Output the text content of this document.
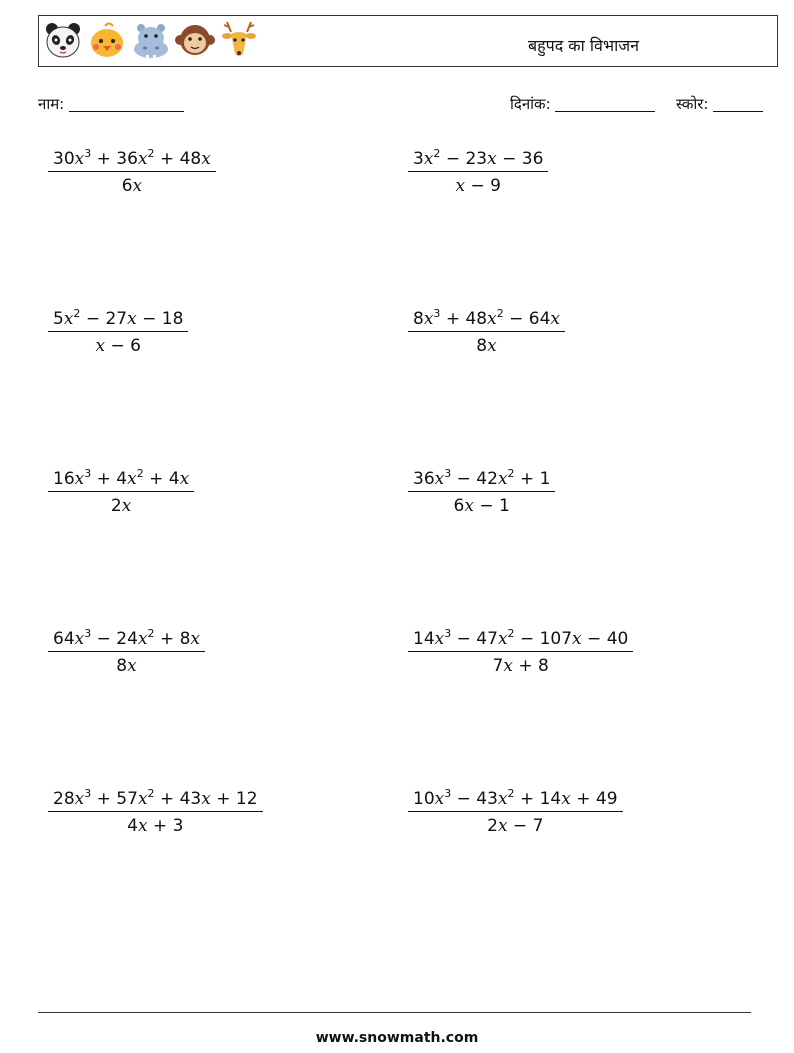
बहुपद का विभाजन
नाम:	दिनांक:	स्कोर:
$\frac{30x^3 + 36x^2 + 48x}{6x}$	$\frac{3x^2 - 23x - 36}{x - 9}$
$\frac{5x^2 - 27x - 18}{x - 6}$	$\frac{8x^3 + 48x^2 - 64x}{8x}$
$\frac{16x^3 + 4x^2 + 4x}{2x}$	$\frac{36x^3 - 42x^2 + 1}{6x - 1}$
$\frac{64x^3 - 24x^2 + 8x}{8x}$	$\frac{14x^3 - 47x^2 - 107x - 40}{7x + 8}$
$\frac{28x^3 + 57x^2 + 43x + 12}{4x + 3}$	$\frac{10x^3 - 43x^2 + 14x + 49}{2x - 7}$
www.snowmath.com
